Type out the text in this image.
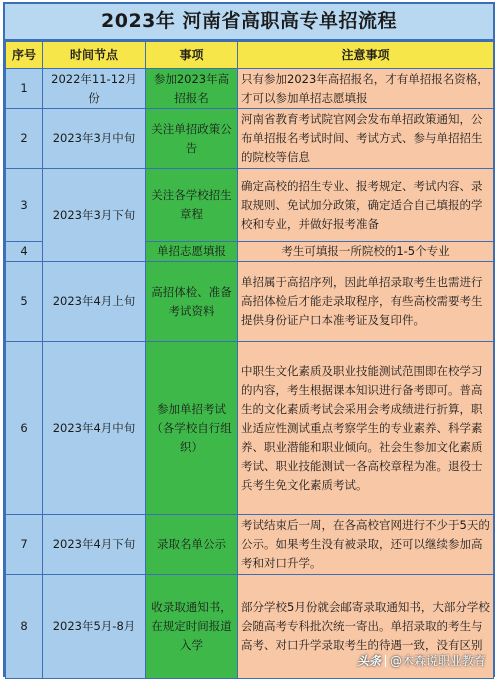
2023年 河南省高职高专单招流程
序号	时间节点	事项	注意事项
1	2022年11-12月份	参加2023年高招报名	只有参加2023年高招报名，才有单招报名资格，才可以参加单招志愿填报
2	2023年3月中旬	关注单招政策公告	河南省教育考试院官网会发布单招政策通知，公布单招报名考试时间、考试方式、参与单招招生的院校等信息
3	2023年3月下旬	关注各学校招生章程	确定高校的招生专业、报考规定、考试内容、录取规则、免试加分政策，确定适合自己填报的学校和专业，并做好报考准备
4		单招志愿填报	考生可填报一所院校的1-5个专业
5	2023年4月上旬	高招体检、准备考试资料	单招属于高招序列，因此单招录取考生也需进行高招体检后才能走录取程序，有些高校需要考生提供身份证户口本准考证及复印件。
6	2023年4月中旬	参加单招考试（各学校自行组织）	中职生文化素质及职业技能测试范围即在校学习的内容，考生根据课本知识进行备考即可。普高生的文化素质考试会采用会考成绩进行折算，职业适应性测试重点考察学生的专业素养、科学素养、职业潜能和职业倾向。社会生参加文化素质考试、职业技能测试一各高校章程为准。退役士兵考生免文化素质考试。
7	2023年4月下旬	录取名单公示	考试结束后一周，在各高校官网进行不少于5天的公示。如果考生没有被录取，还可以继续参加高考和对口升学。
8	2023年5月-8月	收录取通知书，在规定时间报道入学	部分学校5月份就会邮寄录取通知书，大部分学校会随高考专科批次统一寄出。单招录取的考生与高考、对口升学录取考生的待遇一致，没有区别
头条 @木森说职业教育
